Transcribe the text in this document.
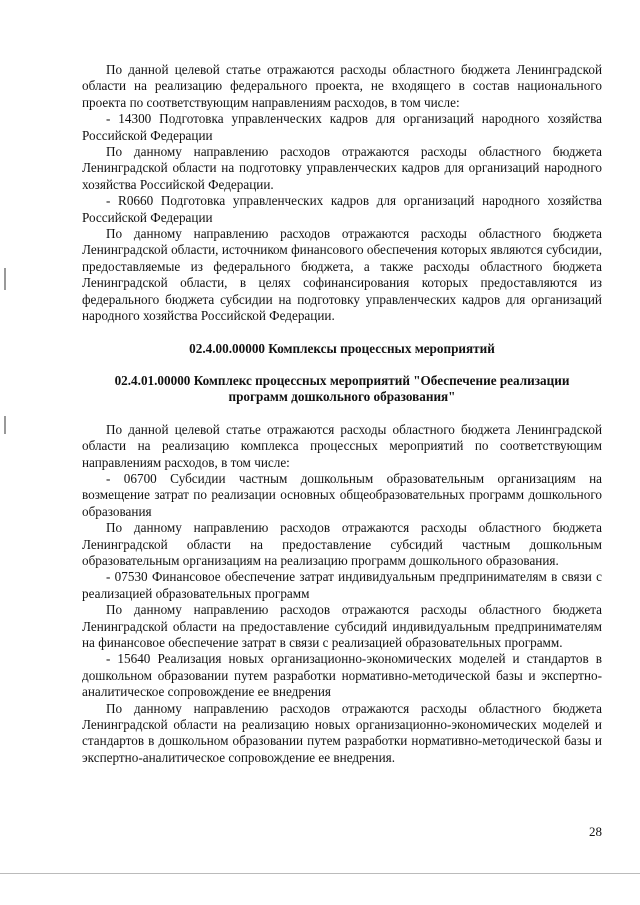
По данной целевой статье отражаются расходы областного бюджета Ленинградской области на реализацию федерального проекта, не входящего в состав национального проекта по соответствующим направлениям расходов, в том числе:

- 14300 Подготовка управленческих кадров для организаций народного хозяйства Российской Федерации

По данному направлению расходов отражаются расходы областного бюджета Ленинградской области на подготовку управленческих кадров для организаций народного хозяйства Российской Федерации.

- R0660 Подготовка управленческих кадров для организаций народного хозяйства Российской Федерации

По данному направлению расходов отражаются расходы областного бюджета Ленинградской области, источником финансового обеспечения которых являются субсидии, предоставляемые из федерального бюджета, а также расходы областного бюджета Ленинградской области, в целях софинансирования которых предоставляются из федерального бюджета субсидии на подготовку управленческих кадров для организаций народного хозяйства Российской Федерации.

02.4.00.00000 Комплексы процессных мероприятий
02.4.01.00000 Комплекс процессных мероприятий "Обеспечение реализации программ дошкольного образования"

По данной целевой статье отражаются расходы областного бюджета Ленинградской области на реализацию комплекса процессных мероприятий по соответствующим направлениям расходов, в том числе:

- 06700 Субсидии частным дошкольным образовательным организациям на возмещение затрат по реализации основных общеобразовательных программ дошкольного образования

По данному направлению расходов отражаются расходы областного бюджета Ленинградской области на предоставление субсидий частным дошкольным образовательным организациям на реализацию программ дошкольного образования.

- 07530 Финансовое обеспечение затрат индивидуальным предпринимателям в связи с реализацией образовательных программ

По данному направлению расходов отражаются расходы областного бюджета Ленинградской области на предоставление субсидий индивидуальным предпринимателям на финансовое обеспечение затрат в связи с реализацией образовательных программ.

- 15640 Реализация новых организационно-экономических моделей и стандартов в дошкольном образовании путем разработки нормативно-методической базы и экспертно-аналитическое сопровождение ее внедрения

По данному направлению расходов отражаются расходы областного бюджета Ленинградской области на реализацию новых организационно-экономических моделей и стандартов в дошкольном образовании путем разработки нормативно-методической базы и экспертно-аналитическое сопровождение ее внедрения.

28
